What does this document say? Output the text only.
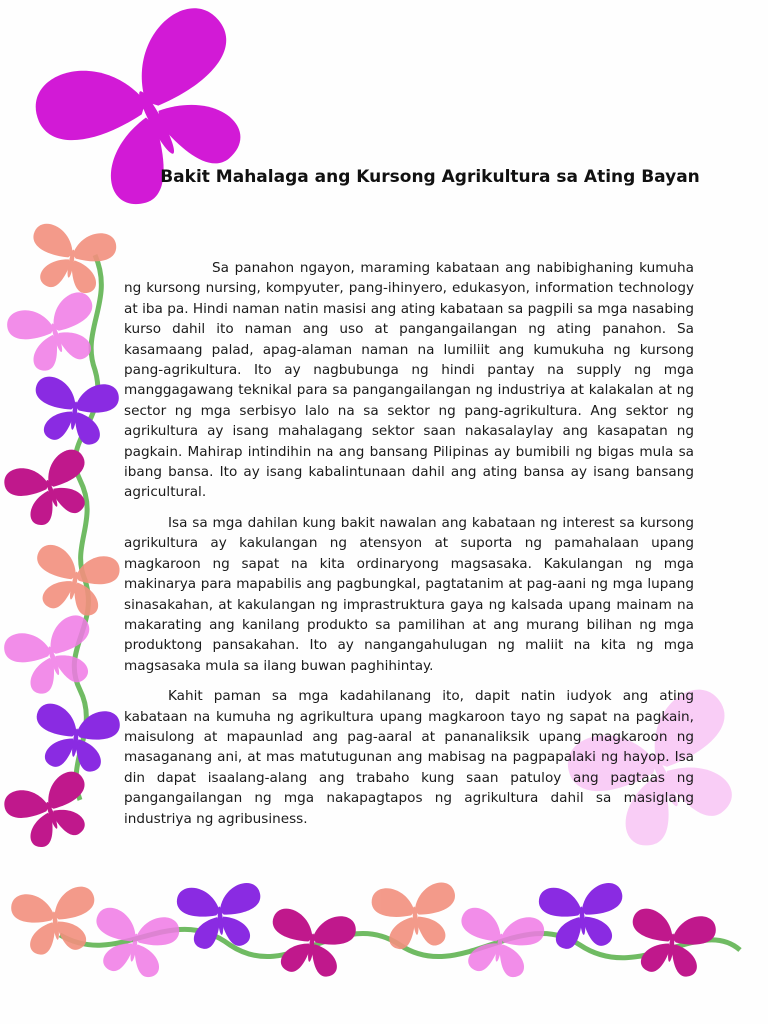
Bakit Mahalaga ang Kursong Agrikultura sa Ating Bayan

Sa panahon ngayon, maraming kabataan ang nabibighaning kumuha ng kursong nursing, kompyuter, pang-ihinyero, edukasyon, information technology at iba pa. Hindi naman natin masisi ang ating kabataan sa pagpili sa mga nasabing kurso dahil ito naman ang uso at pangangailangan ng ating panahon. Sa kasamaang palad, apag-alaman naman na lumiliit ang kumukuha ng kursong pang-agrikultura. Ito ay nagbubunga ng hindi pantay na supply ng mga manggagawang teknikal para sa pangangailangan ng industriya at kalakalan at ng sector ng mga serbisyo lalo na sa sektor ng pang-agrikultura. Ang sektor ng agrikultura ay isang mahalagang sektor saan nakasalaylay ang kasapatan ng pagkain. Mahirap intindihin na ang bansang Pilipinas ay bumibili ng bigas mula sa ibang bansa. Ito ay isang kabalintunaan dahil ang ating bansa ay isang bansang agricultural.

Isa sa mga dahilan kung bakit nawalan ang kabataan ng interest sa kursong agrikultura ay kakulangan ng atensyon at suporta ng pamahalaan upang magkaroon ng sapat na kita ordinaryong magsasaka. Kakulangan ng mga makinarya para mapabilis ang pagbungkal, pagtatanim at pag-aani ng mga lupang sinasakahan, at kakulangan ng imprastruktura gaya ng kalsada upang mainam na makarating ang kanilang produkto sa pamilihan at ang murang bilihan ng mga produktong pansakahan. Ito ay nangangahulugan ng maliit na kita ng mga magsasaka mula sa ilang buwan paghihintay.

Kahit paman sa mga kadahilanang ito, dapit natin iudyok ang ating kabataan na kumuha ng agrikultura upang magkaroon tayo ng sapat na pagkain, maisulong at mapaunlad ang pag-aaral at pananaliksik upang magkaroon ng masaganang ani, at mas matutugunan ang mabisag na pagpapalaki ng hayop. Isa din dapat isaalang-alang ang trabaho kung saan patuloy ang pagtaas ng pangangailangan ng mga nakapagtapos ng agrikultura dahil sa masiglang industriya ng agribusiness.
